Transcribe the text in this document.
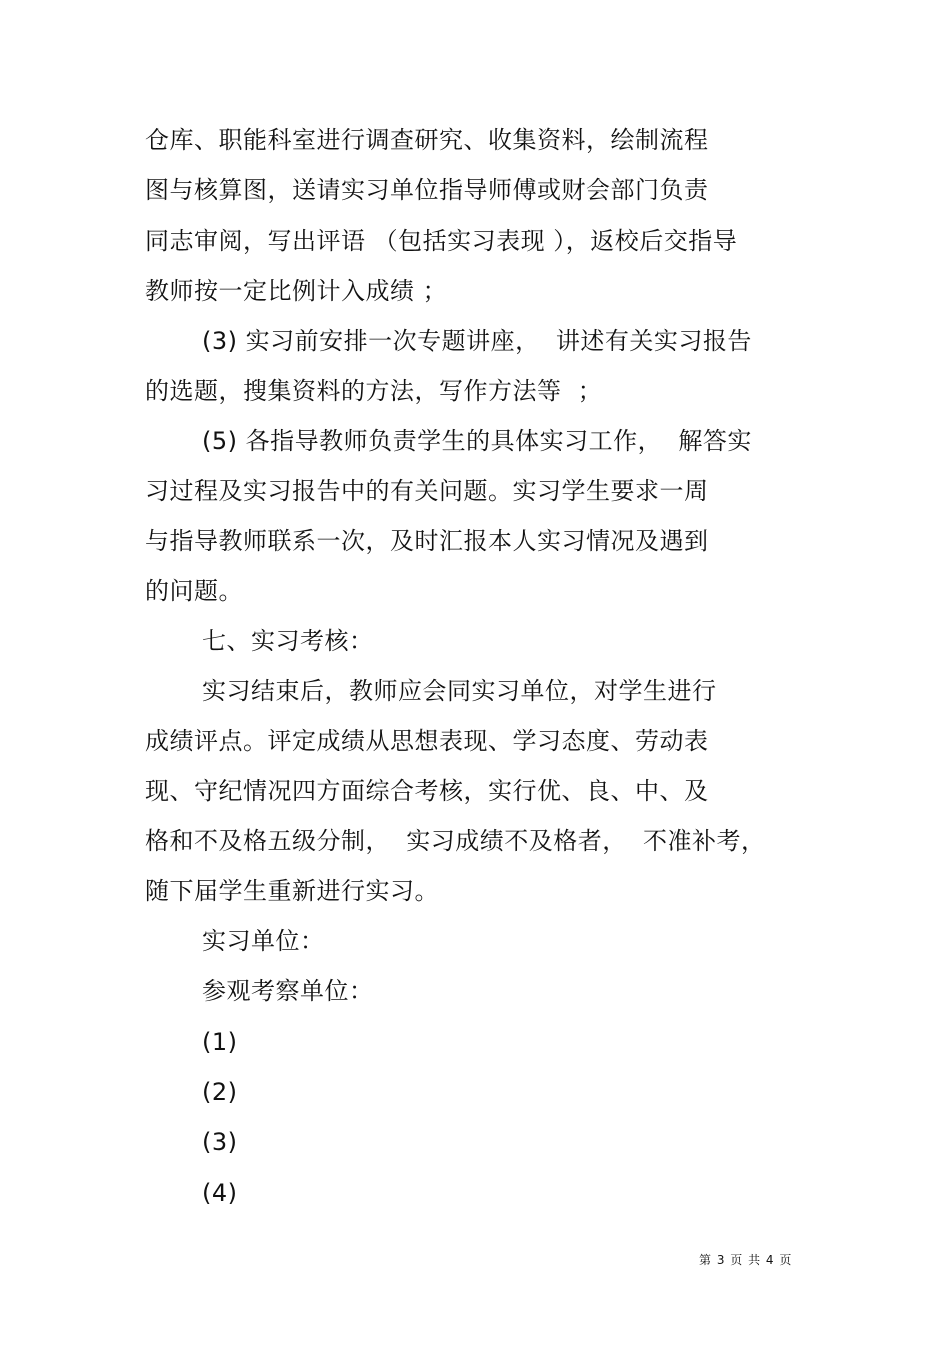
仓库、职能科室进行调查研究、收集资料，绘制流程
图与核算图，送请实习单位指导师傅或财会部门负责
同志审阅，写出评语 （包括实习表现 ），返校后交指导
教师按一定比例计入成绩 ；
(3) 实习前安排一次专题讲座，  讲述有关实习报告
的选题，搜集资料的方法，写作方法等  ；
(5) 各指导教师负责学生的具体实习工作，  解答实
习过程及实习报告中的有关问题。实习学生要求一周
与指导教师联系一次，及时汇报本人实习情况及遇到
的问题。
七、实习考核：
实习结束后，教师应会同实习单位，对学生进行
成绩评点。评定成绩从思想表现、学习态度、劳动表
现、守纪情况四方面综合考核，实行优、良、中、及
格和不及格五级分制，  实习成绩不及格者，  不准补考，
随下届学生重新进行实习。
实习单位：
参观考察单位：
(1)
(2)
(3)
(4)
第 3 页 共 4 页
